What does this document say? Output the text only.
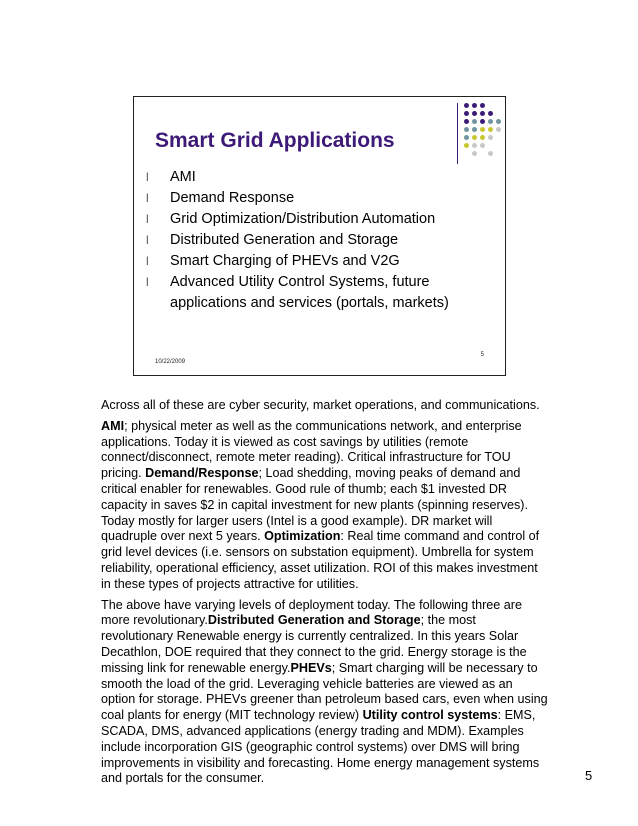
Smart Grid Applications
l AMI
l Demand Response
l Grid Optimization/Distribution Automation
l Distributed Generation and Storage
l Smart Charging of PHEVs and V2G
l Advanced Utility Control Systems, future applications and services (portals, markets)
5
10/22/2009

Across all of these are cyber security, market operations, and communications.

AMI; physical meter as well as the communications network, and enterprise applications. Today it is viewed as cost savings by utilities (remote connect/disconnect, remote meter reading). Critical infrastructure for TOU pricing. Demand/Response; Load shedding, moving peaks of demand and critical enabler for renewables. Good rule of thumb; each $1 invested DR capacity in saves $2 in capital investment for new plants (spinning reserves). Today mostly for larger users (Intel is a good example). DR market will quadruple over next 5 years. Optimization: Real time command and control of grid level devices (i.e. sensors on substation equipment). Umbrella for system reliability, operational efficiency, asset utilization. ROI of this makes investment in these types of projects attractive for utilities.

The above have varying levels of deployment today. The following three are more revolutionary.Distributed Generation and Storage; the most revolutionary Renewable energy is currently centralized. In this years Solar Decathlon, DOE required that they connect to the grid. Energy storage is the missing link for renewable energy.PHEVs; Smart charging will be necessary to smooth the load of the grid. Leveraging vehicle batteries are viewed as an option for storage. PHEVs greener than petroleum based cars, even when using coal plants for energy (MIT technology review) Utility control systems: EMS, SCADA, DMS, advanced applications (energy trading and MDM). Examples include incorporation GIS (geographic control systems) over DMS will bring improvements in visibility and forecasting. Home energy management systems and portals for the consumer.	5
